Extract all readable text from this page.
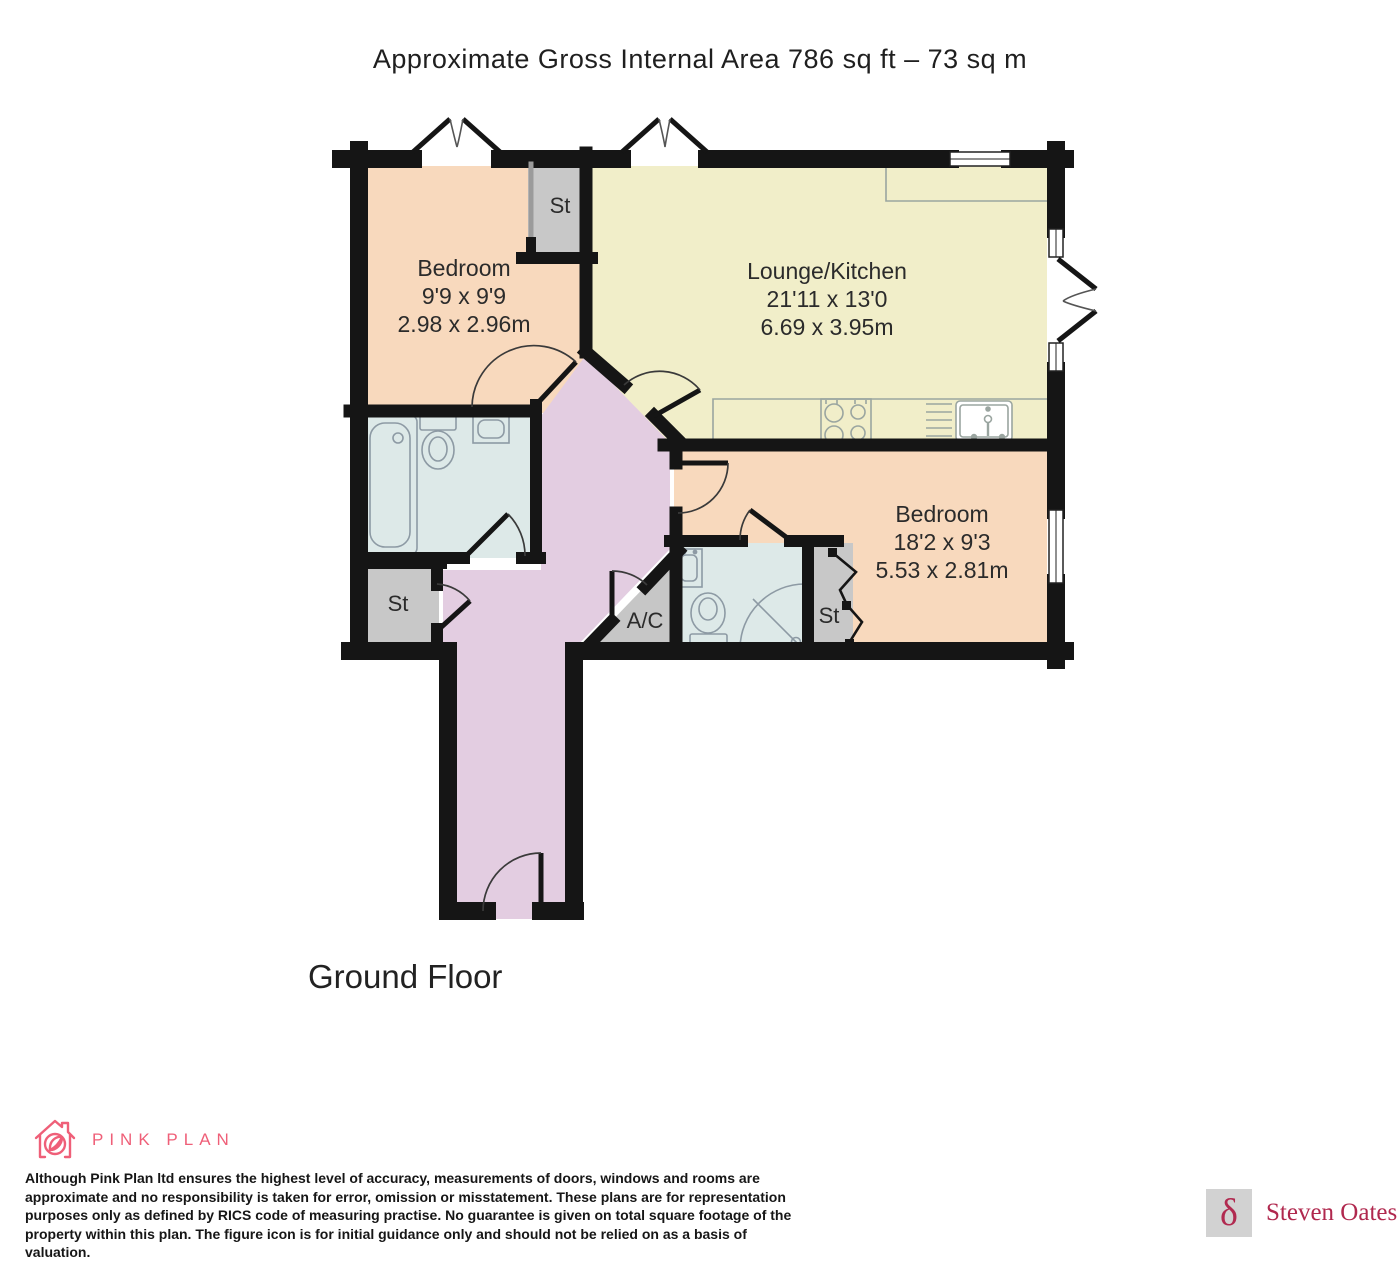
Approximate Gross Internal Area 786 sq ft – 73 sq m
Bedroom
9'9 x 9'9
2.98 x 2.96m
Lounge/Kitchen
21'11 x 13'0
6.69 x 3.95m
Bedroom
18'2 x 9'3
5.53 x 2.81m
St
St	St
A/C
Ground Floor
PINK PLAN
Although Pink Plan ltd ensures the highest level of accuracy, measurements of doors, windows and rooms are
approximate and no responsibility is taken for error, omission or misstatement. These plans are for representation
purposes only as defined by RICS code of measuring practise. No guarantee is given on total square footage of the
property within this plan. The figure icon is for initial guidance only and should not be relied on as a basis of valuation.
δ	Steven Oates
